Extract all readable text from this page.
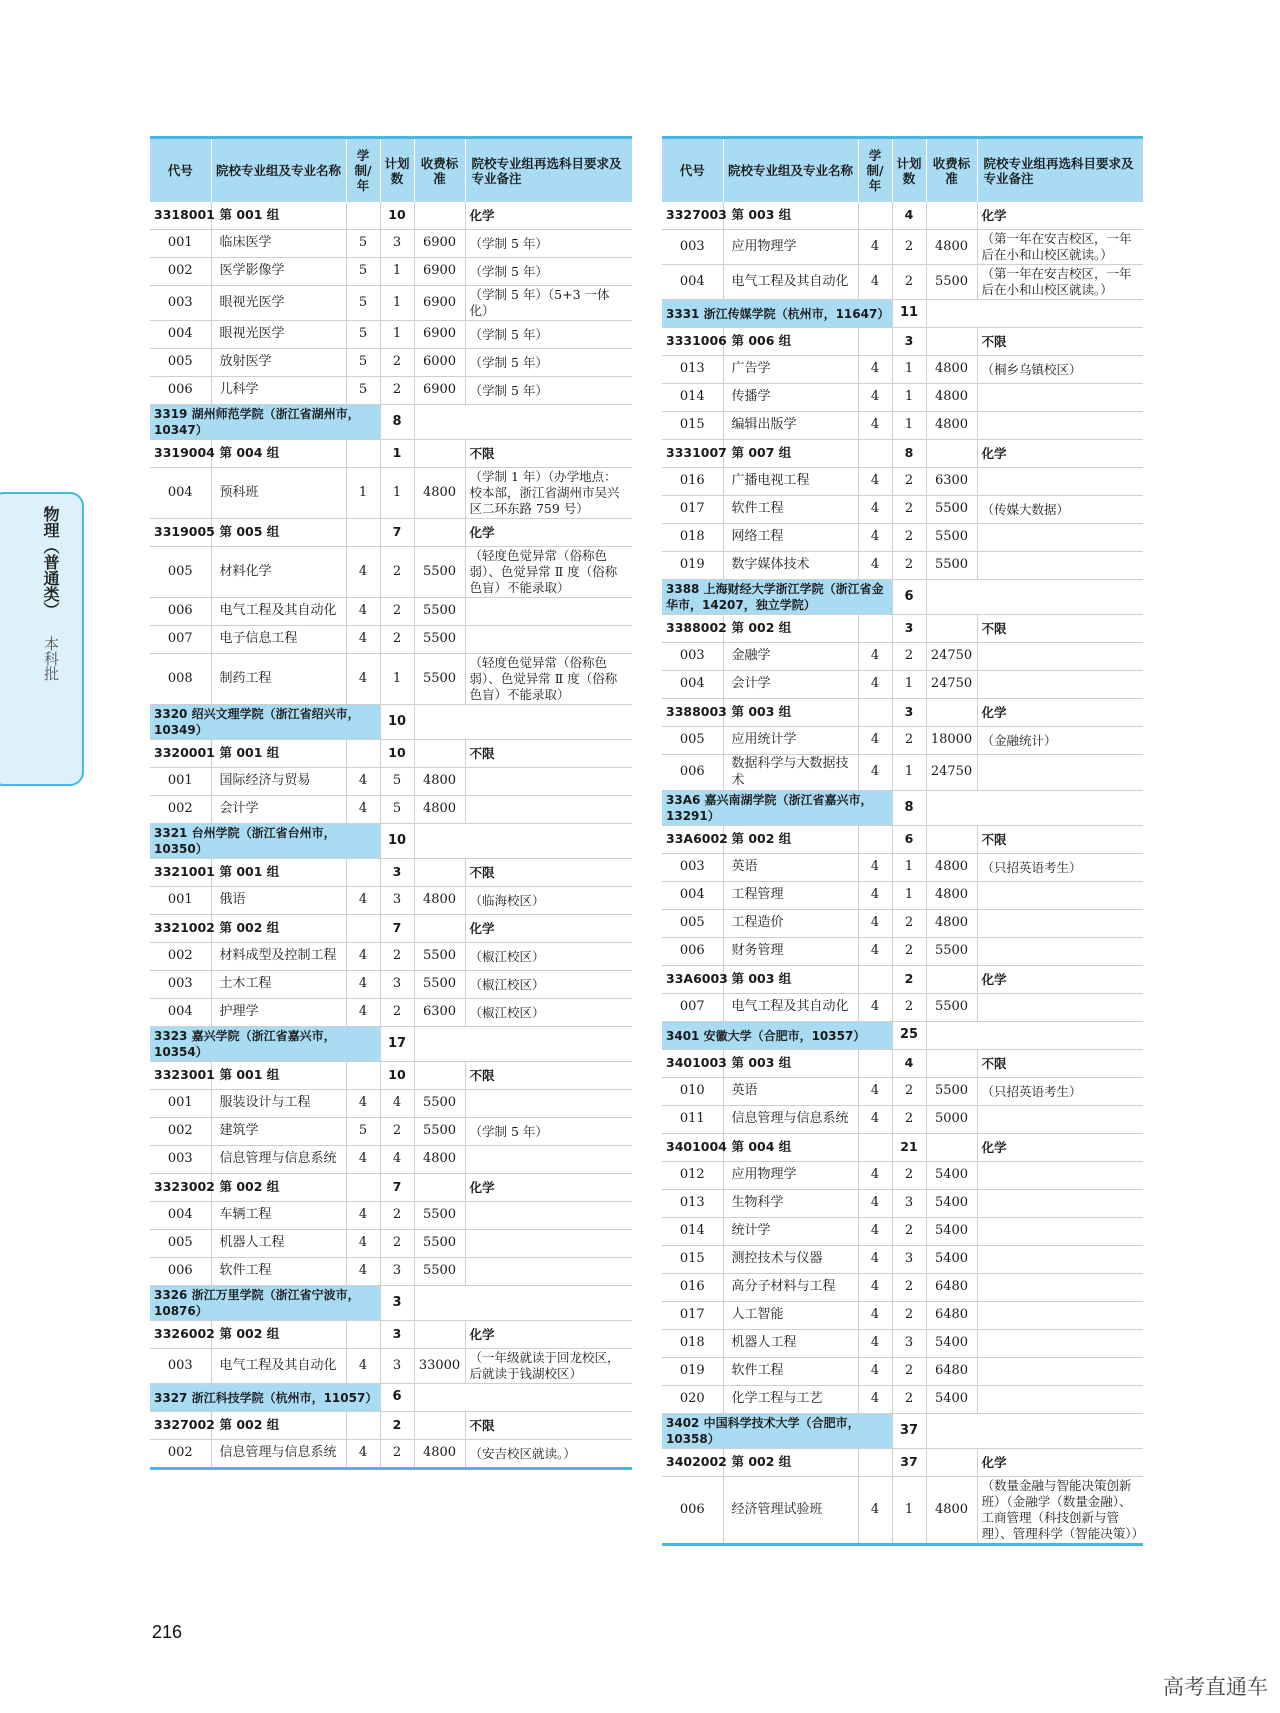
物理（普通类）
本科批
代号	院校专业组及专业名称	学制/年	计划数	收费标准	院校专业组再选科目要求及专业备注
3318001	第 001 组		10		化学
001	临床医学	5	3	6900	（学制 5 年）
002	医学影像学	5	1	6900	（学制 5 年）
003	眼视光医学	5	1	6900	（学制 5 年）（5+3 一体化）
004	眼视光医学	5	1	6900	（学制 5 年）
005	放射医学	5	2	6000	（学制 5 年）
006	儿科学	5	2	6900	（学制 5 年）
3319 湖州师范学院（浙江省湖州市，10347）			8		
3319004	第 004 组		1		不限
004	预科班	1	1	4800	（学制 1 年）（办学地点：校本部，浙江省湖州市吴兴区二环东路 759 号）
3319005	第 005 组		7		化学
005	材料化学	4	2	5500	（轻度色觉异常（俗称色弱）、色觉异常 Ⅱ 度（俗称色盲）不能录取）
006	电气工程及其自动化	4	2	5500	
007	电子信息工程	4	2	5500	
008	制药工程	4	1	5500	（轻度色觉异常（俗称色弱）、色觉异常 Ⅱ 度（俗称色盲）不能录取）
3320 绍兴文理学院（浙江省绍兴市，10349）			10		
3320001	第 001 组		10		不限
001	国际经济与贸易	4	5	4800	
002	会计学	4	5	4800	
3321 台州学院（浙江省台州市，10350）			10		
3321001	第 001 组		3		不限
001	俄语	4	3	4800	（临海校区）
3321002	第 002 组		7		化学
002	材料成型及控制工程	4	2	5500	（椒江校区）
003	土木工程	4	3	5500	（椒江校区）
004	护理学	4	2	6300	（椒江校区）
3323 嘉兴学院（浙江省嘉兴市，10354）			17		
3323001	第 001 组		10		不限
001	服装设计与工程	4	4	5500	
002	建筑学	5	2	5500	（学制 5 年）
003	信息管理与信息系统	4	4	4800	
3323002	第 002 组		7		化学
004	车辆工程	4	2	5500	
005	机器人工程	4	2	5500	
006	软件工程	4	3	5500	
3326 浙江万里学院（浙江省宁波市，10876）			3		
3326002	第 002 组		3		化学
003	电气工程及其自动化	4	3	33000	（一年级就读于回龙校区，后就读于钱湖校区）
3327 浙江科技学院（杭州市，11057）			6		
3327002	第 002 组		2		不限
002	信息管理与信息系统	4	2	4800	（安吉校区就读。）
代号	院校专业组及专业名称	学制/年	计划数	收费标准	院校专业组再选科目要求及专业备注
3327003	第 003 组		4		化学
003	应用物理学	4	2	4800	（第一年在安吉校区，一年后在小和山校区就读。）
004	电气工程及其自动化	4	2	5500	（第一年在安吉校区，一年后在小和山校区就读。）
3331 浙江传媒学院（杭州市，11647）			11		
3331006	第 006 组		3		不限
013	广告学	4	1	4800	（桐乡乌镇校区）
014	传播学	4	1	4800	
015	编辑出版学	4	1	4800	
3331007	第 007 组		8		化学
016	广播电视工程	4	2	6300	
017	软件工程	4	2	5500	（传媒大数据）
018	网络工程	4	2	5500	
019	数字媒体技术	4	2	5500	
3388 上海财经大学浙江学院（浙江省金华市，14207，独立学院）			6		
3388002	第 002 组		3		不限
003	金融学	4	2	24750	
004	会计学	4	1	24750	
3388003	第 003 组		3		化学
005	应用统计学	4	2	18000	（金融统计）
006	数据科学与大数据技术	4	1	24750	
33A6 嘉兴南湖学院（浙江省嘉兴市，13291）			8		
33A6002	第 002 组		6		不限
003	英语	4	1	4800	（只招英语考生）
004	工程管理	4	1	4800	
005	工程造价	4	2	4800	
006	财务管理	4	2	5500	
33A6003	第 003 组		2		化学
007	电气工程及其自动化	4	2	5500	
3401 安徽大学（合肥市，10357）			25		
3401003	第 003 组		4		不限
010	英语	4	2	5500	（只招英语考生）
011	信息管理与信息系统	4	2	5000	
3401004	第 004 组		21		化学
012	应用物理学	4	2	5400	
013	生物科学	4	3	5400	
014	统计学	4	2	5400	
015	测控技术与仪器	4	3	5400	
016	高分子材料与工程	4	2	6480	
017	人工智能	4	2	6480	
018	机器人工程	4	3	5400	
019	软件工程	4	2	6480	
020	化学工程与工艺	4	2	5400	
3402 中国科学技术大学（合肥市，10358）			37		
3402002	第 002 组		37		化学
006	经济管理试验班	4	1	4800	（数量金融与智能决策创新班）（金融学（数量金融）、工商管理（科技创新与管理）、管理科学（智能决策））
216
高考直通车
